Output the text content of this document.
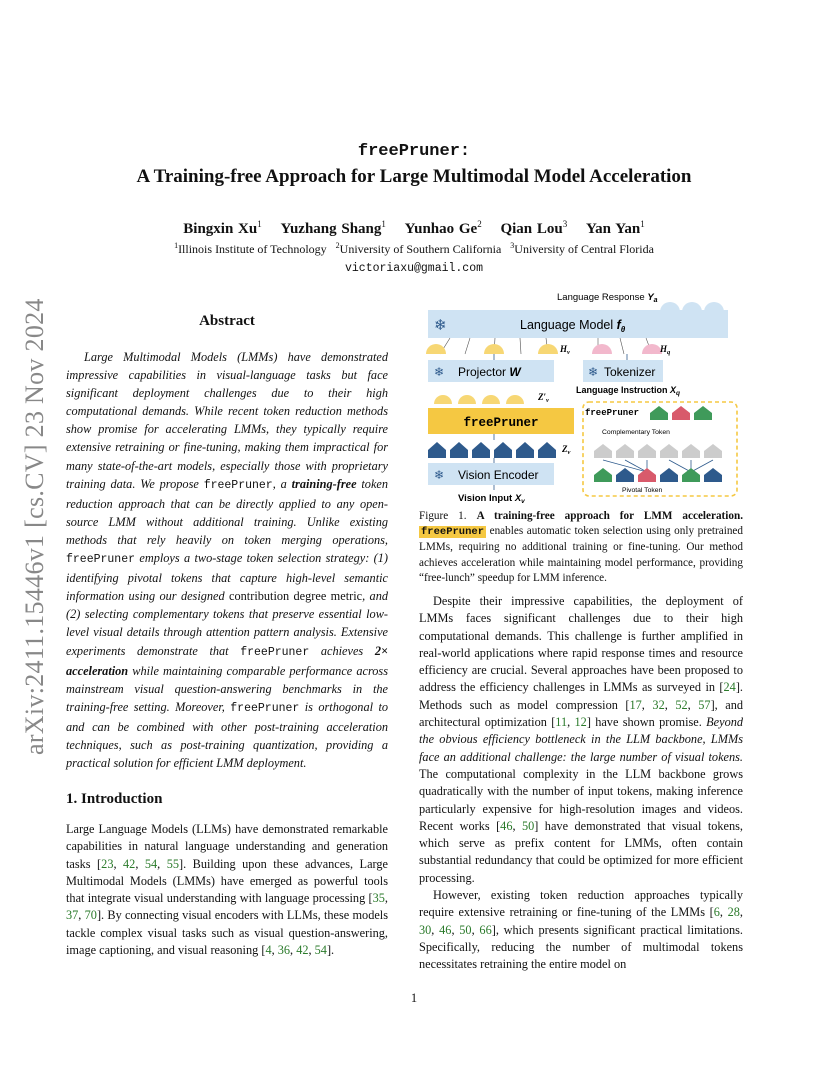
arXiv:2411.15446v1 [cs.CV] 23 Nov 2024
freePruner:
A Training-free Approach for Large Multimodal Model Acceleration
Bingxin Xu$^1$ Yuzhang Shang$^1$ Yunhao Ge$^2$ Qian Lou$^3$ Yan Yan$^1$
$^1$Illinois Institute of Technology $^2$University of Southern California $^3$University of Central Florida
victoriaxu@gmail.com
Abstract
Large Multimodal Models (LMMs) have demonstrated impressive capabilities in visual-language tasks but face significant deployment challenges due to their high computational demands. While recent token reduction methods show promise for accelerating LMMs, they typically require extensive retraining or fine-tuning, making them impractical for many state-of-the-art models, especially those with proprietary training data. We propose freePruner, a training-free token reduction approach that can be directly applied to any open-source LMM without additional training. Unlike existing methods that rely heavily on token merging operations, freePruner employs a two-stage token selection strategy: (1) identifying pivotal tokens that capture high-level semantic information using our designed contribution degree metric, and (2) selecting complementary tokens that preserve essential low-level visual details through attention pattern analysis. Extensive experiments demonstrate that freePruner achieves 2× acceleration while maintaining comparable performance across mainstream visual question-answering benchmarks in the training-free setting. Moreover, freePruner is orthogonal to and can be combined with other post-training acceleration techniques, such as post-training quantization, providing a practical solution for efficient LMM deployment.
1. Introduction
Large Language Models (LLMs) have demonstrated remarkable capabilities in natural language understanding and generation tasks [23, 42, 54, 55]. Building upon these advances, Large Multimodal Models (LMMs) have emerged as powerful tools that integrate visual understanding with language processing [35, 37, 70]. By connecting visual encoders with LLMs, these models tackle complex visual tasks such as visual question-answering, image captioning, and visual reasoning [4, 36, 42, 54].
Language Response $Y_a$
❄	Language Model $f_\theta$
$H_v$	$H_q$
❄ Projector W	❄ Tokenizer
$Z'_v$
Language Instruction $X_q$
freePruner
$Z_v$
❄ Vision Encoder
Vision Input $X_v$
freePruner
Complementary Token
Pivotal Token
Figure 1. A training-free approach for LMM acceleration. freePruner enables automatic token selection using only pretrained LMMs, requiring no additional training or fine-tuning. Our method achieves acceleration while maintaining model performance, providing “free-lunch” speedup for LMM inference.

Despite their impressive capabilities, the deployment of LMMs faces significant challenges due to their high computational demands. This challenge is further amplified in real-world applications where rapid response times and resource efficiency are crucial. Several approaches have been proposed to address the efficiency challenges in LMMs as surveyed in [24]. Methods such as model compression [17, 32, 52, 57], and architectural optimization [11, 12] have shown promise. Beyond the obvious efficiency bottleneck in the LLM backbone, LMMs face an additional challenge: the large number of visual tokens. The computational complexity in the LLM backbone grows quadratically with the number of input tokens, making inference particularly expensive for high-resolution images and videos. Recent works [46, 50] have demonstrated that visual tokens, which serve as prefix content for LMMs, often contain substantial redundancy that could be optimized for more efficient processing.

However, existing token reduction approaches typically require extensive retraining or fine-tuning of the LMMs [6, 28, 30, 46, 50, 66], which presents significant practical limitations. Specifically, reducing the number of multimodal tokens necessitates retraining the entire model on

1
